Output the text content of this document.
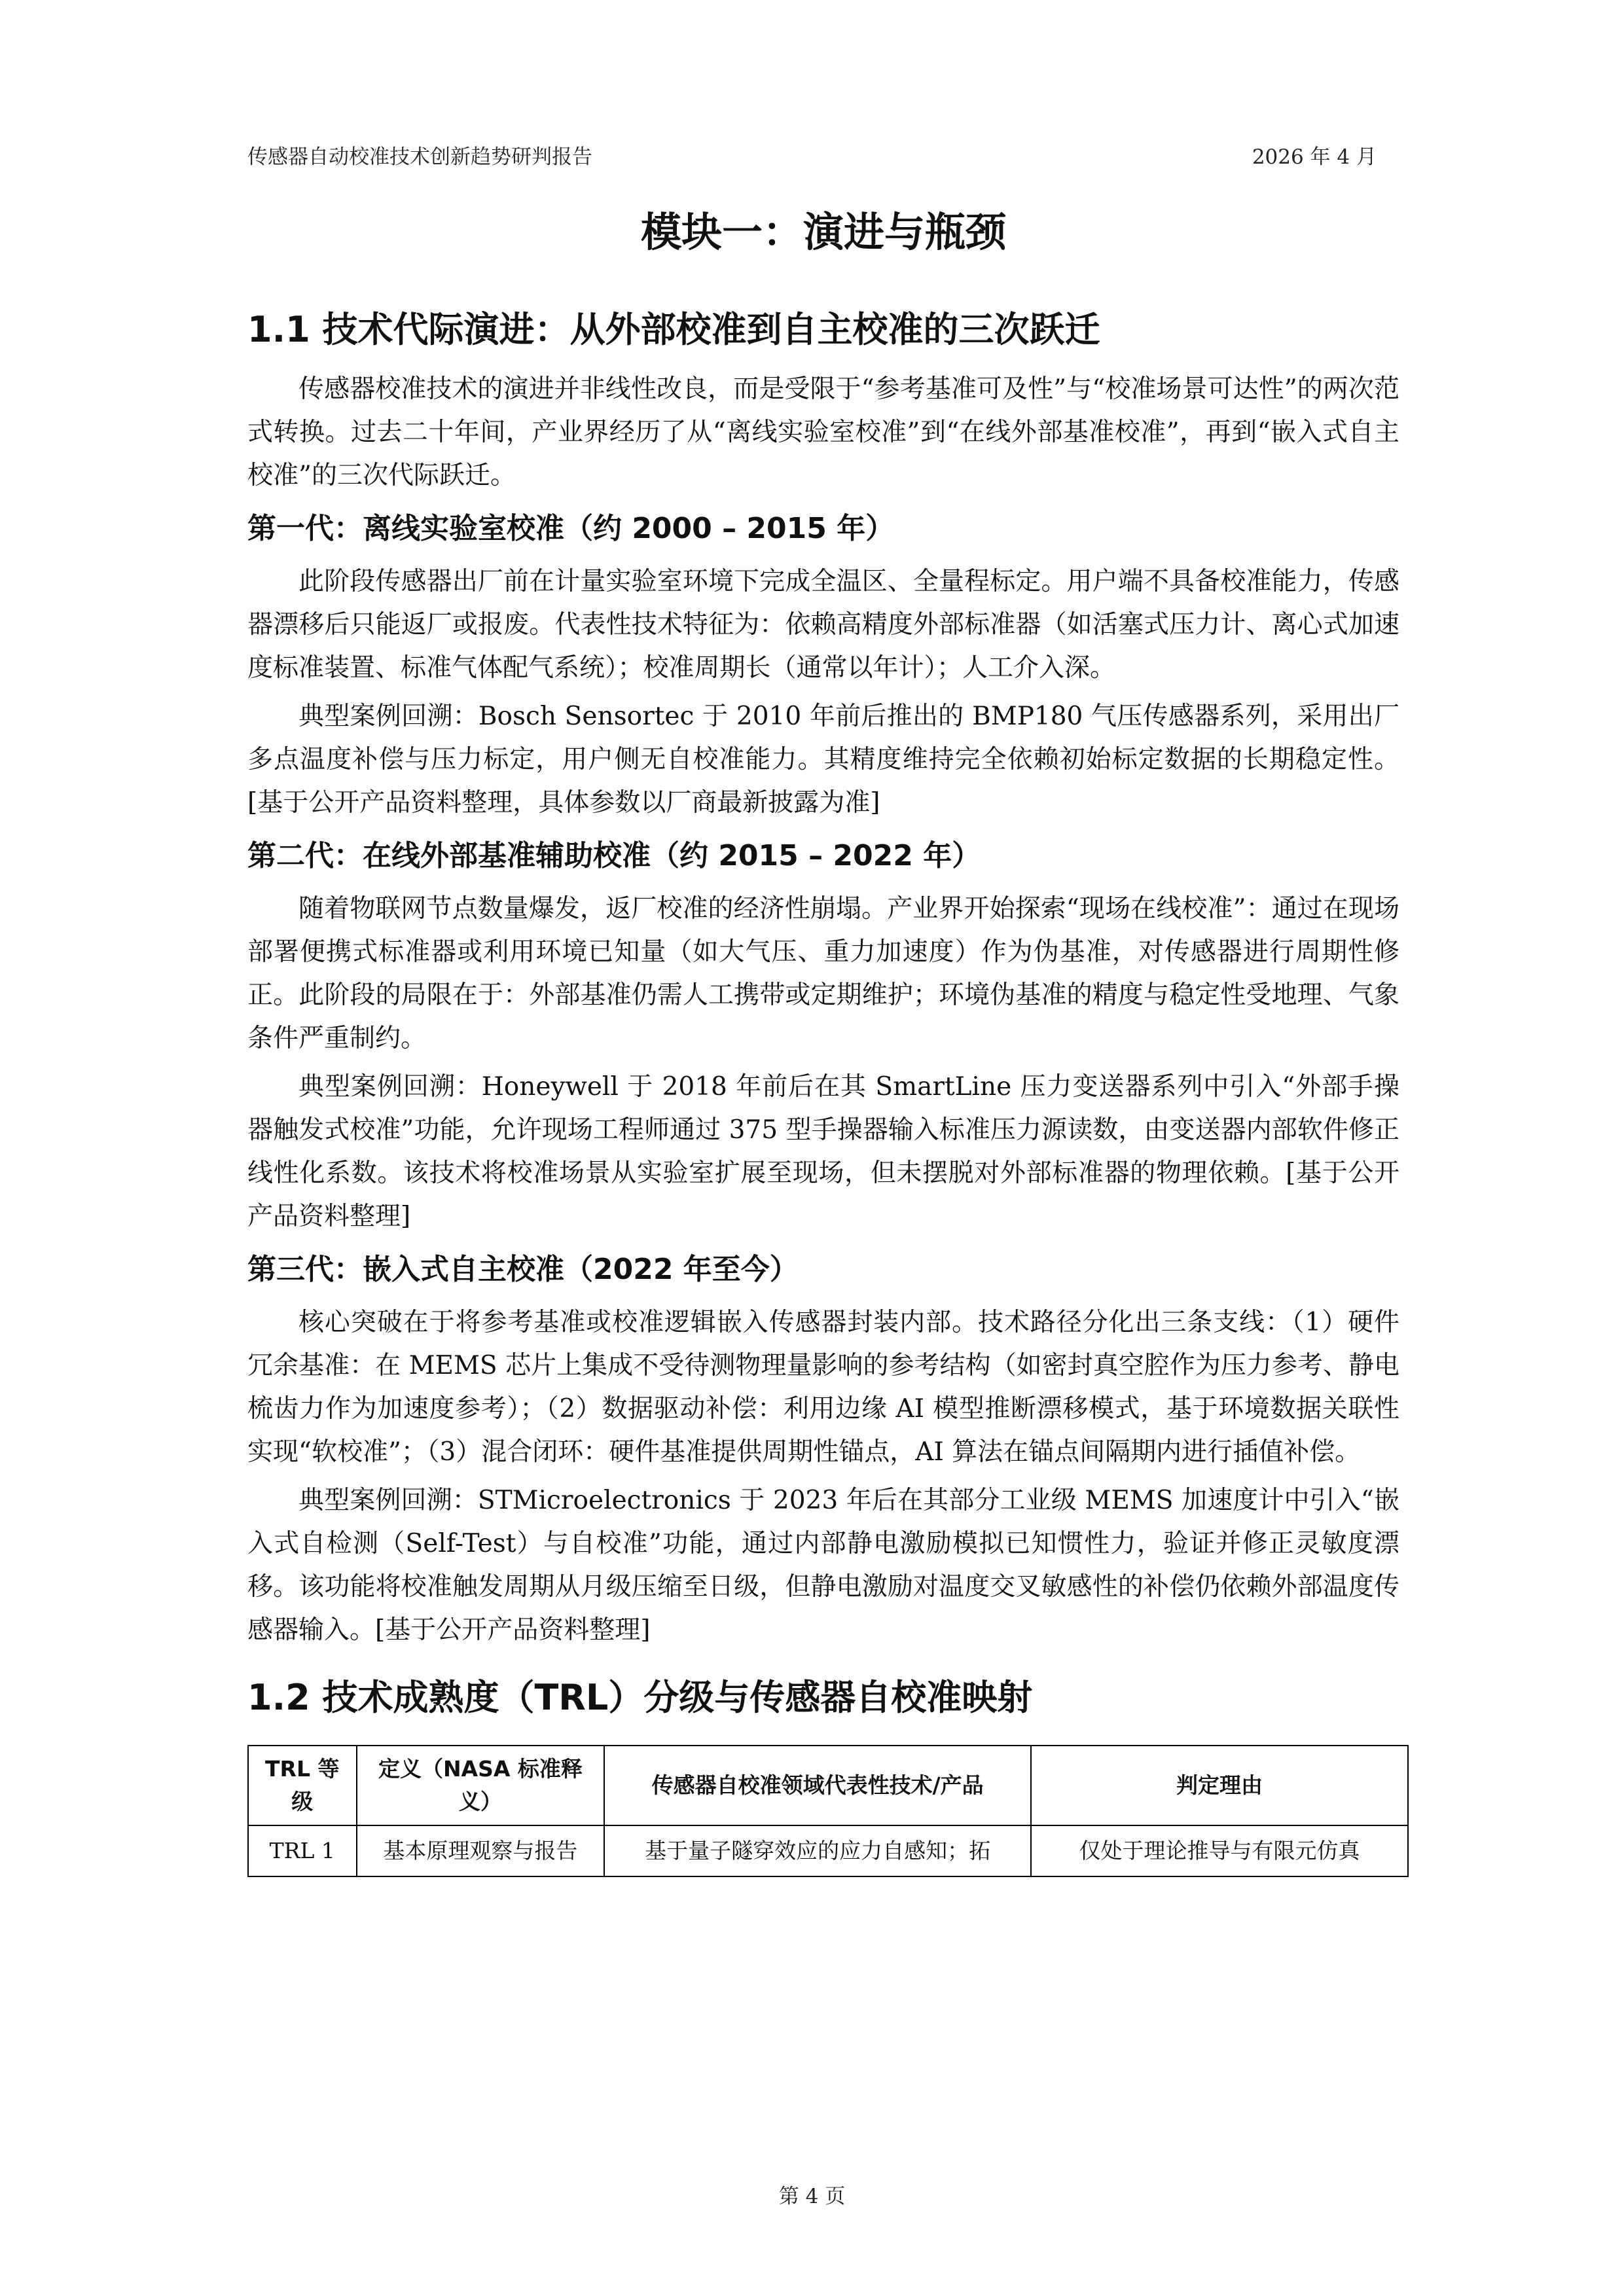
传感器自动校准技术创新趋势研判报告	2026 年 4 月
模块一：演进与瓶颈
1.1 技术代际演进：从外部校准到自主校准的三次跃迁

传感器校准技术的演进并非线性改良，而是受限于“参考基准可及性”与“校准场景可达性”的两次范式转换。过去二十年间，产业界经历了从“离线实验室校准”到“在线外部基准校准”，再到“嵌入式自主校准”的三次代际跃迁。

第一代：离线实验室校准（约 2000 – 2015 年）

此阶段传感器出厂前在计量实验室环境下完成全温区、全量程标定。用户端不具备校准能力，传感器漂移后只能返厂或报废。代表性技术特征为：依赖高精度外部标准器（如活塞式压力计、离心式加速度标准装置、标准气体配气系统）；校准周期长（通常以年计）；人工介入深。

典型案例回溯：Bosch Sensortec 于 2010 年前后推出的 BMP180 气压传感器系列，采用出厂多点温度补偿与压力标定，用户侧无自校准能力。其精度维持完全依赖初始标定数据的长期稳定性。[基于公开产品资料整理，具体参数以厂商最新披露为准]

第二代：在线外部基准辅助校准（约 2015 – 2022 年）

随着物联网节点数量爆发，返厂校准的经济性崩塌。产业界开始探索“现场在线校准”：通过在现场部署便携式标准器或利用环境已知量（如大气压、重力加速度）作为伪基准，对传感器进行周期性修正。此阶段的局限在于：外部基准仍需人工携带或定期维护；环境伪基准的精度与稳定性受地理、气象条件严重制约。

典型案例回溯：Honeywell 于 2018 年前后在其 SmartLine 压力变送器系列中引入“外部手操器触发式校准”功能，允许现场工程师通过 375 型手操器输入标准压力源读数，由变送器内部软件修正线性化系数。该技术将校准场景从实验室扩展至现场，但未摆脱对外部标准器的物理依赖。[基于公开产品资料整理]

第三代：嵌入式自主校准（2022 年至今）

核心突破在于将参考基准或校准逻辑嵌入传感器封装内部。技术路径分化出三条支线：（1）硬件冗余基准：在 MEMS 芯片上集成不受待测物理量影响的参考结构（如密封真空腔作为压力参考、静电梳齿力作为加速度参考）；（2）数据驱动补偿：利用边缘 AI 模型推断漂移模式，基于环境数据关联性实现“软校准”；（3）混合闭环：硬件基准提供周期性锚点，AI 算法在锚点间隔期内进行插值补偿。

典型案例回溯：STMicroelectronics 于 2023 年后在其部分工业级 MEMS 加速度计中引入“嵌入式自检测（Self-Test）与自校准”功能，通过内部静电激励模拟已知惯性力，验证并修正灵敏度漂移。该功能将校准触发周期从月级压缩至日级，但静电激励对温度交叉敏感性的补偿仍依赖外部温度传感器输入。[基于公开产品资料整理]

1.2 技术成熟度（TRL）分级与传感器自校准映射
TRL 等级	定义（NASA 标准释义）	传感器自校准领域代表性技术/产品	判定理由
TRL 1	基本原理观察与报告	基于量子隧穿效应的应力自感知；拓	仅处于理论推导与有限元仿真
第 4 页
